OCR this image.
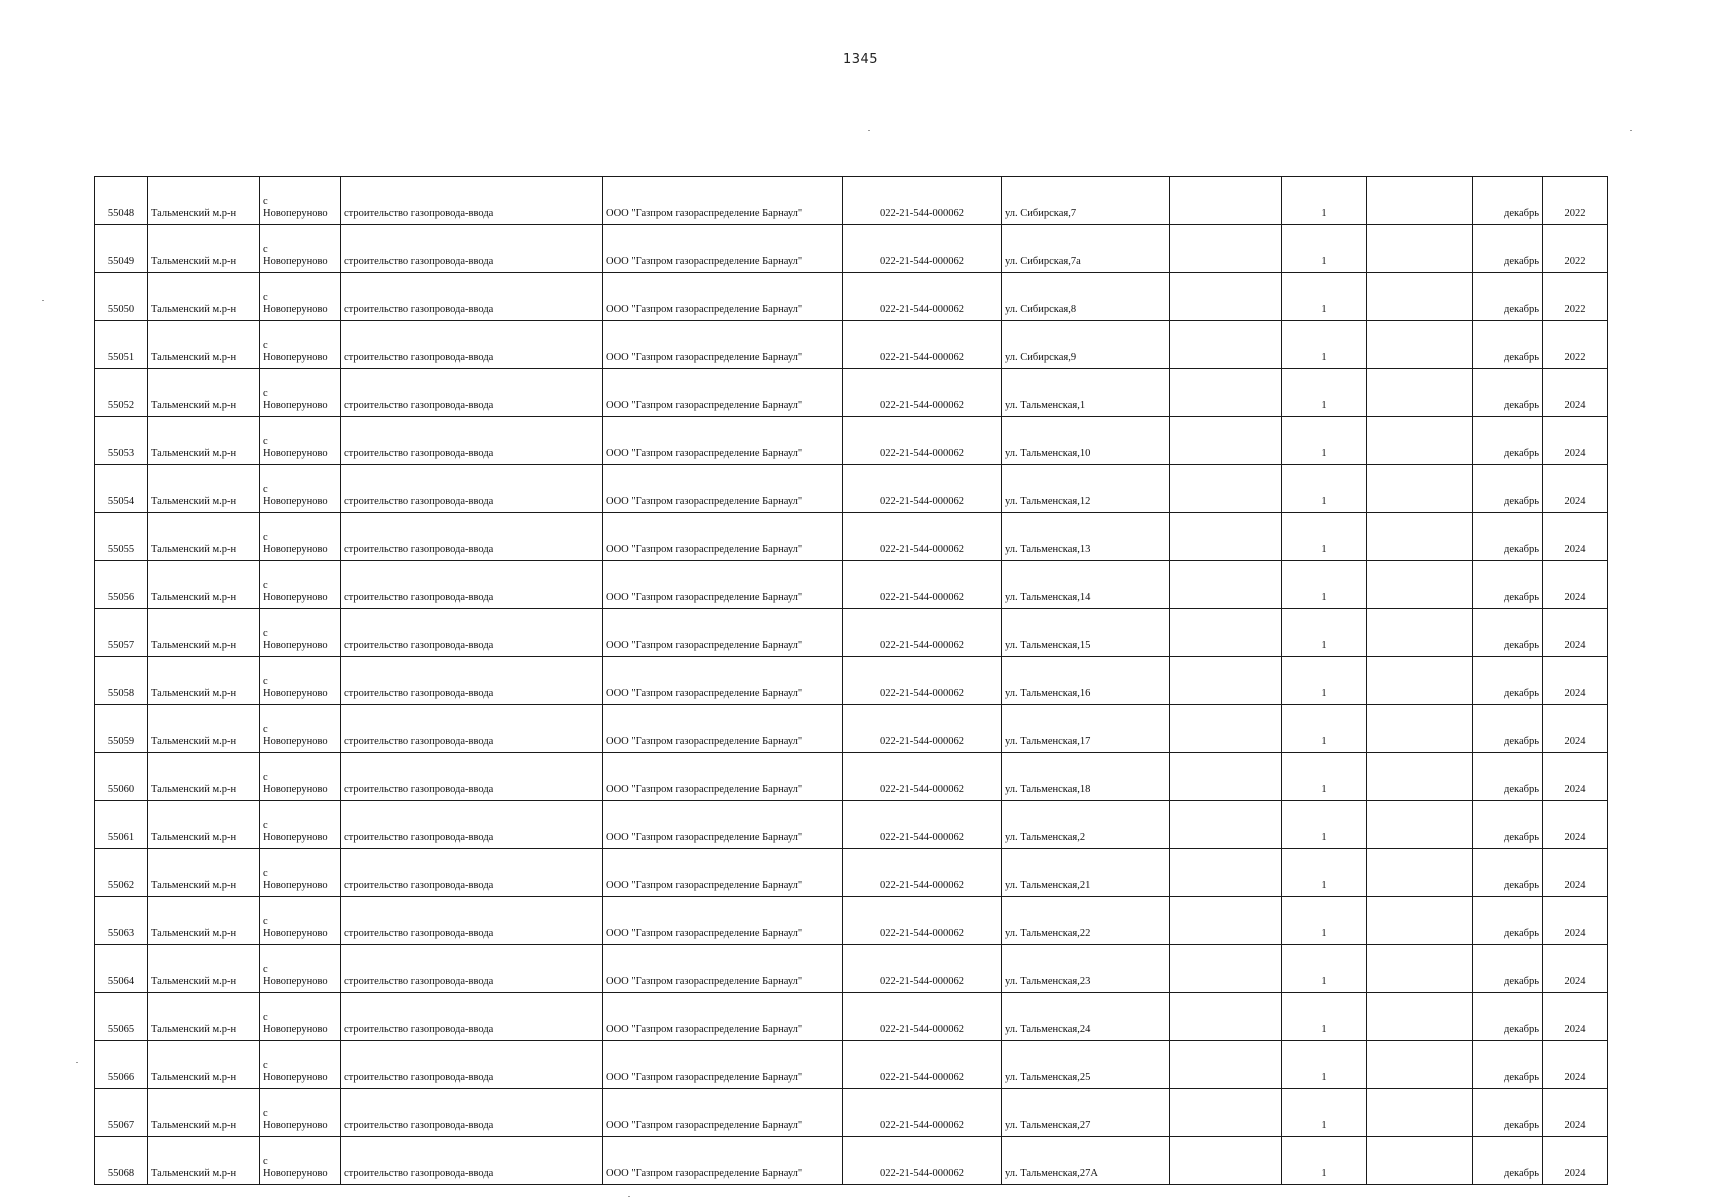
1345
55048	Тальменский м.р-н	с
Новоперуново	строительство газопровода-ввода	ООО "Газпром газораспределение Барнаул"	022-21-544-000062	ул. Сибирская,7		1		декабрь	2022
55049	Тальменский м.р-н	с
Новоперуново	строительство газопровода-ввода	ООО "Газпром газораспределение Барнаул"	022-21-544-000062	ул. Сибирская,7а		1		декабрь	2022
55050	Тальменский м.р-н	с
Новоперуново	строительство газопровода-ввода	ООО "Газпром газораспределение Барнаул"	022-21-544-000062	ул. Сибирская,8		1		декабрь	2022
55051	Тальменский м.р-н	с
Новоперуново	строительство газопровода-ввода	ООО "Газпром газораспределение Барнаул"	022-21-544-000062	ул. Сибирская,9		1		декабрь	2022
55052	Тальменский м.р-н	с
Новоперуново	строительство газопровода-ввода	ООО "Газпром газораспределение Барнаул"	022-21-544-000062	ул. Тальменская,1		1		декабрь	2024
55053	Тальменский м.р-н	с
Новоперуново	строительство газопровода-ввода	ООО "Газпром газораспределение Барнаул"	022-21-544-000062	ул. Тальменская,10		1		декабрь	2024
55054	Тальменский м.р-н	с
Новоперуново	строительство газопровода-ввода	ООО "Газпром газораспределение Барнаул"	022-21-544-000062	ул. Тальменская,12		1		декабрь	2024
55055	Тальменский м.р-н	с
Новоперуново	строительство газопровода-ввода	ООО "Газпром газораспределение Барнаул"	022-21-544-000062	ул. Тальменская,13		1		декабрь	2024
55056	Тальменский м.р-н	с
Новоперуново	строительство газопровода-ввода	ООО "Газпром газораспределение Барнаул"	022-21-544-000062	ул. Тальменская,14		1		декабрь	2024
55057	Тальменский м.р-н	с
Новоперуново	строительство газопровода-ввода	ООО "Газпром газораспределение Барнаул"	022-21-544-000062	ул. Тальменская,15		1		декабрь	2024
55058	Тальменский м.р-н	с
Новоперуново	строительство газопровода-ввода	ООО "Газпром газораспределение Барнаул"	022-21-544-000062	ул. Тальменская,16		1		декабрь	2024
55059	Тальменский м.р-н	с
Новоперуново	строительство газопровода-ввода	ООО "Газпром газораспределение Барнаул"	022-21-544-000062	ул. Тальменская,17		1		декабрь	2024
55060	Тальменский м.р-н	с
Новоперуново	строительство газопровода-ввода	ООО "Газпром газораспределение Барнаул"	022-21-544-000062	ул. Тальменская,18		1		декабрь	2024
55061	Тальменский м.р-н	с
Новоперуново	строительство газопровода-ввода	ООО "Газпром газораспределение Барнаул"	022-21-544-000062	ул. Тальменская,2		1		декабрь	2024
55062	Тальменский м.р-н	с
Новоперуново	строительство газопровода-ввода	ООО "Газпром газораспределение Барнаул"	022-21-544-000062	ул. Тальменская,21		1		декабрь	2024
55063	Тальменский м.р-н	с
Новоперуново	строительство газопровода-ввода	ООО "Газпром газораспределение Барнаул"	022-21-544-000062	ул. Тальменская,22		1		декабрь	2024
55064	Тальменский м.р-н	с
Новоперуново	строительство газопровода-ввода	ООО "Газпром газораспределение Барнаул"	022-21-544-000062	ул. Тальменская,23		1		декабрь	2024
55065	Тальменский м.р-н	с
Новоперуново	строительство газопровода-ввода	ООО "Газпром газораспределение Барнаул"	022-21-544-000062	ул. Тальменская,24		1		декабрь	2024
55066	Тальменский м.р-н	с
Новоперуново	строительство газопровода-ввода	ООО "Газпром газораспределение Барнаул"	022-21-544-000062	ул. Тальменская,25		1		декабрь	2024
55067	Тальменский м.р-н	с
Новоперуново	строительство газопровода-ввода	ООО "Газпром газораспределение Барнаул"	022-21-544-000062	ул. Тальменская,27		1		декабрь	2024
55068	Тальменский м.р-н	с
Новоперуново	строительство газопровода-ввода	ООО "Газпром газораспределение Барнаул"	022-21-544-000062	ул. Тальменская,27А		1		декабрь	2024
